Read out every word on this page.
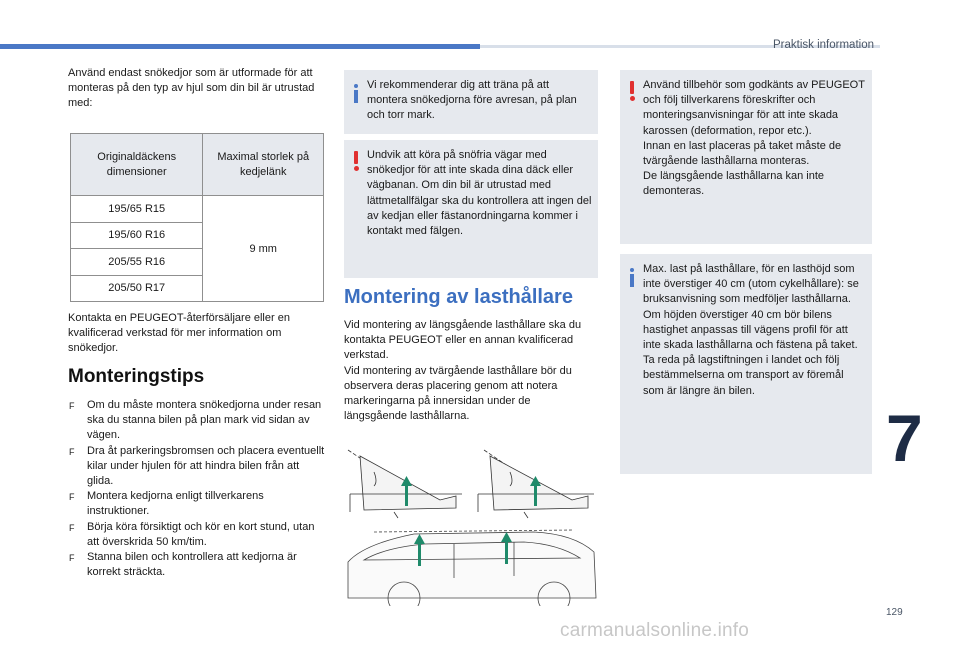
Praktisk information

Använd endast snökedjor som är utformade för att monteras på den typ av hjul som din bil är utrustad med:

Originaldäckens dimensioner	Maximal storlek på kedjelänk
195/65 R15	9 mm
195/60 R16	
205/55 R16	
205/50 R17	

Kontakta en PEUGEOT-återförsäljare eller en kvalificerad verkstad för mer information om snökedjor.

Monteringstips
F Om du måste montera snökedjorna under resan ska du stanna bilen på plan mark vid sidan av vägen.
F Dra åt parkeringsbromsen och placera eventuellt kilar under hjulen för att hindra bilen från att glida.
F Montera kedjorna enligt tillverkarens instruktioner.
F Börja köra försiktigt och kör en kort stund, utan att överskrida 50 km/tim.
F Stanna bilen och kontrollera att kedjorna är korrekt sträckta.
Vi rekommenderar dig att träna på att montera snökedjorna före avresan, på plan och torr mark.
Undvik att köra på snöfria vägar med snökedjor för att inte skada dina däck eller vägbanan. Om din bil är utrustad med lättmetallfälgar ska du kontrollera att ingen del av kedjan eller fästanordningarna kommer i kontakt med fälgen.
Montering av lasthållare

Vid montering av längsgående lasthållare ska du kontakta PEUGEOT eller en annan kvalificerad verkstad.
Vid montering av tvärgående lasthållare bör du observera deras placering genom att notera markeringarna på innersidan under de längsgående lasthållarna.

Använd tillbehör som godkänts av PEUGEOT och följ tillverkarens föreskrifter och monteringsanvisningar för att inte skada karossen (deformation, repor etc.).
Innan en last placeras på taket måste de tvärgående lasthållarna monteras.
De längsgående lasthållarna kan inte demonteras.
Max. last på lasthållare, för en lasthöjd som inte överstiger 40 cm (utom cykelhållare): se bruksanvisning som medföljer lasthållarna.
Om höjden överstiger 40 cm bör bilens hastighet anpassas till vägens profil för att inte skada lasthållarna och fästena på taket.
Ta reda på lagstiftningen i landet och följ bestämmelserna om transport av föremål som är längre än bilen.
7
129
carmanualsonline.info
